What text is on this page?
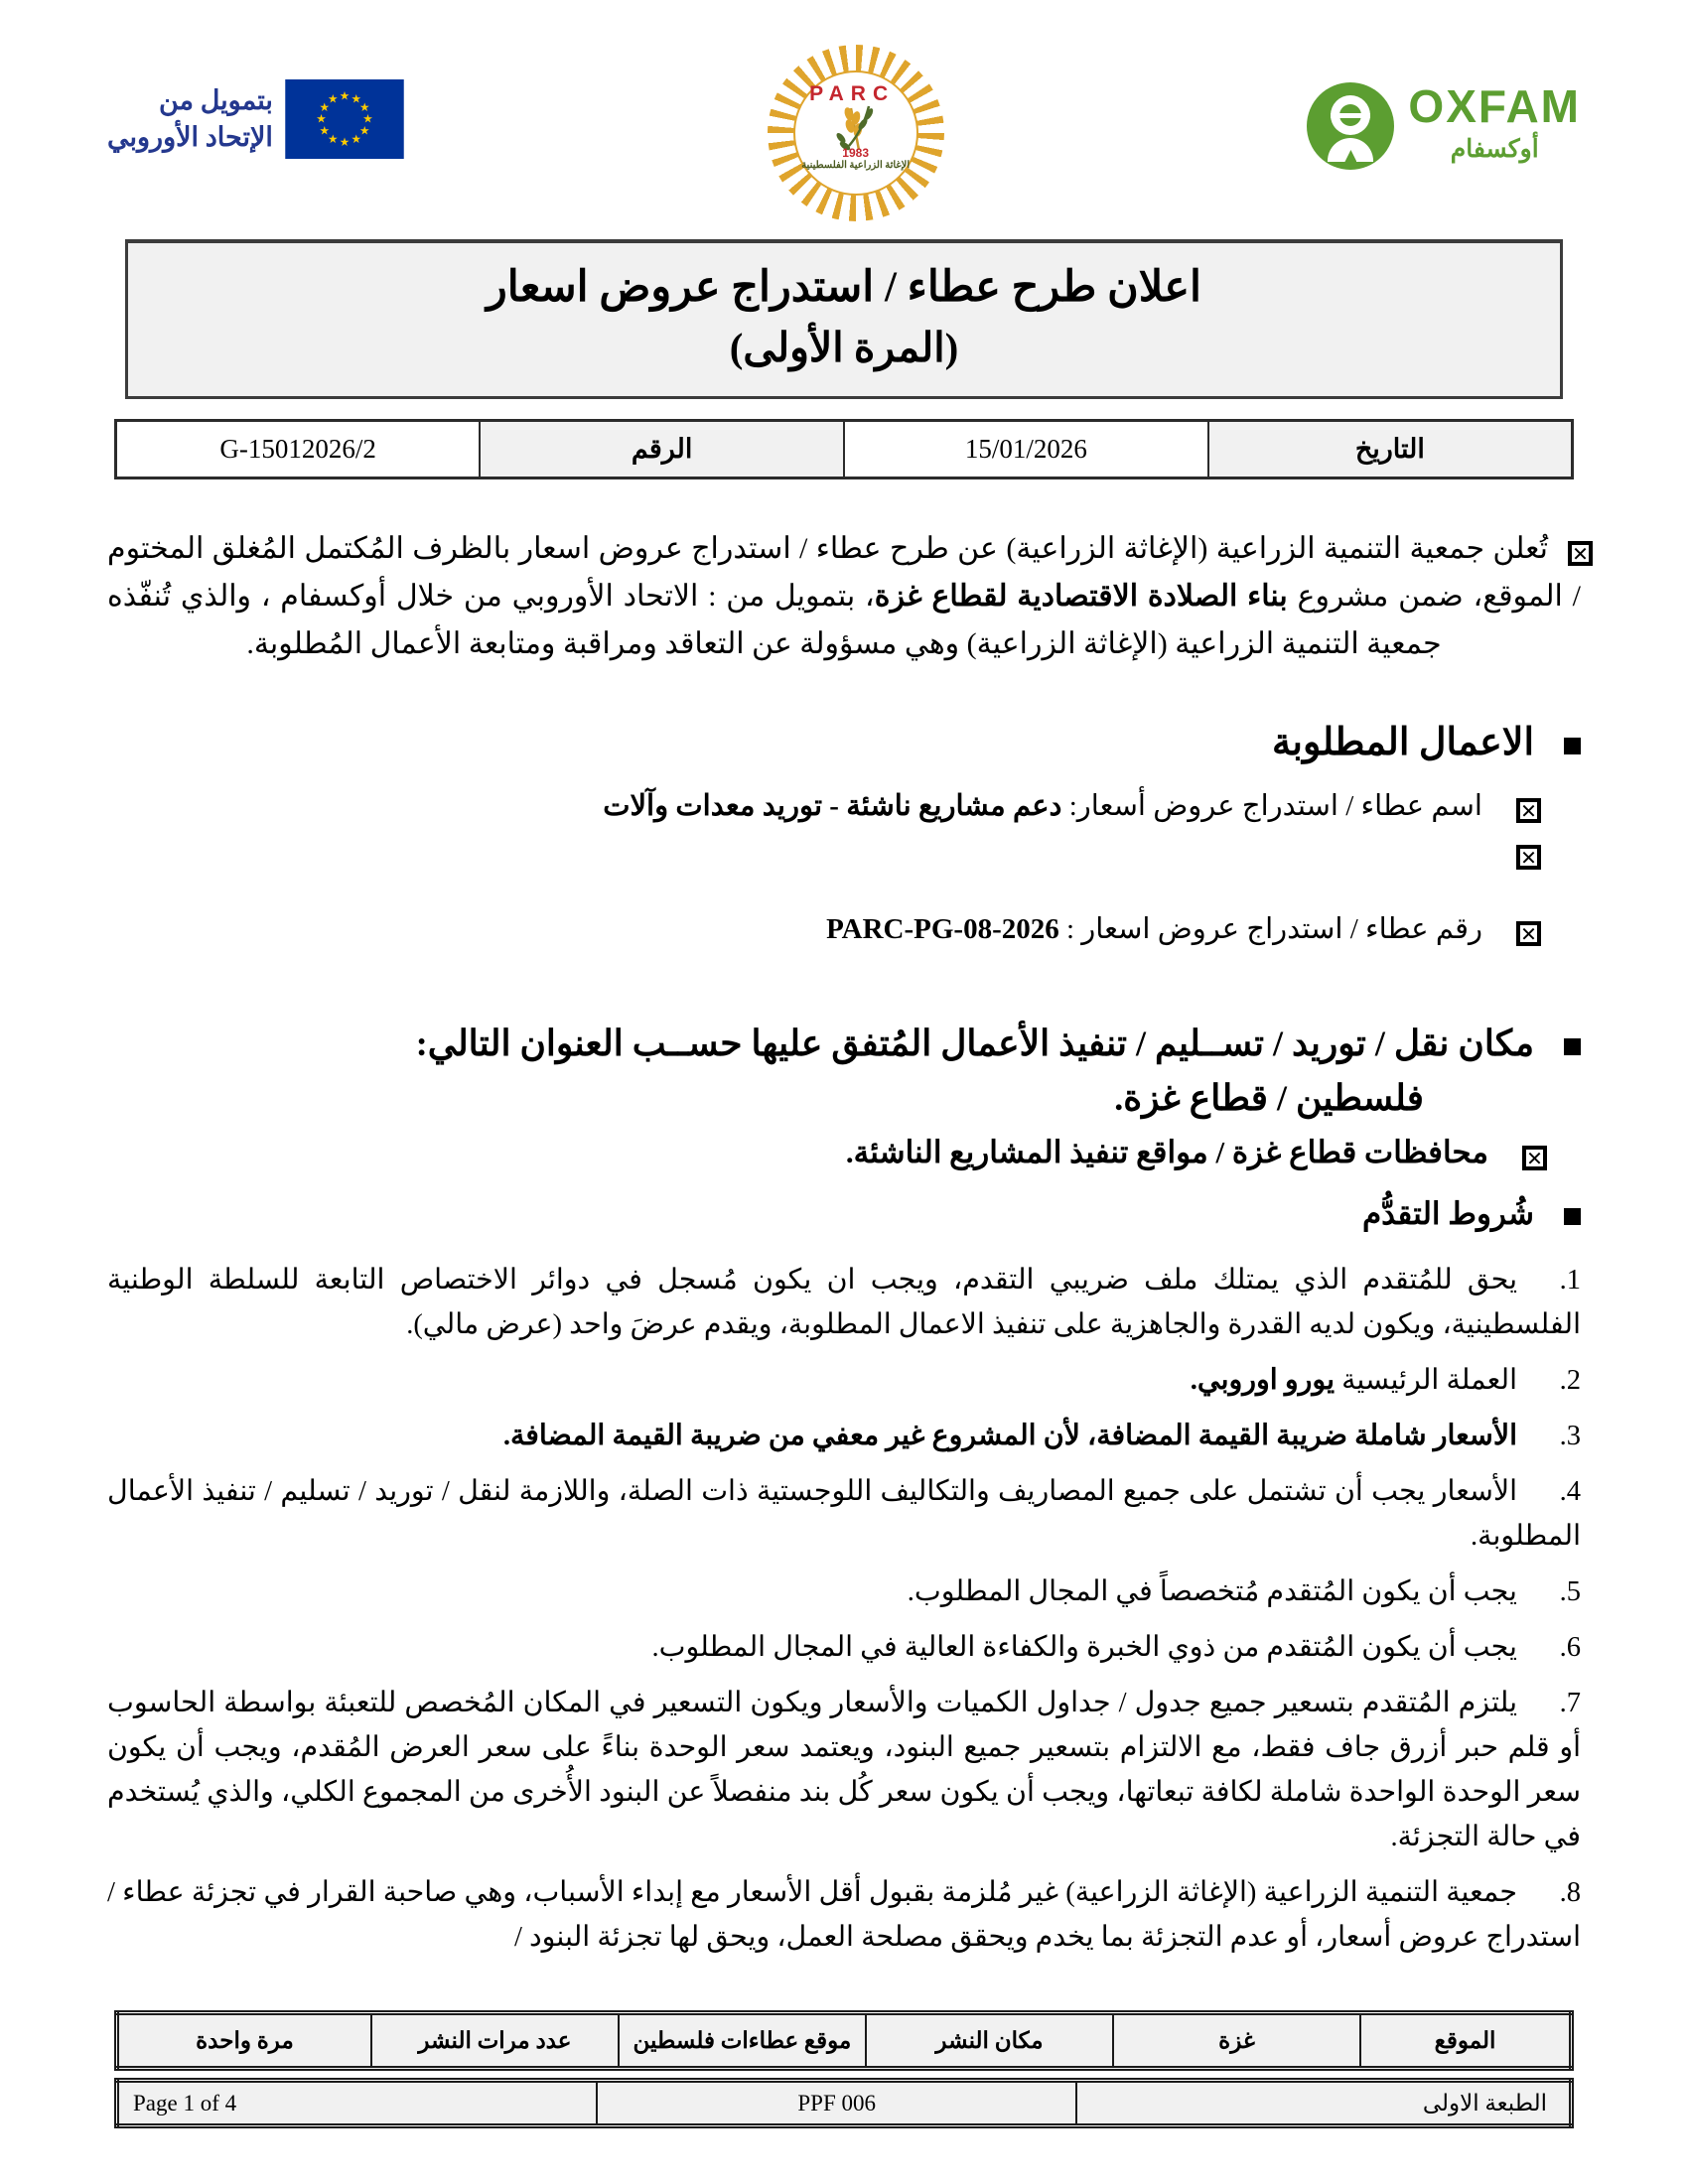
OXFAM
أوكسفام
PARC
1983
الإغاثة الزراعية الفلسطينية
بتمويل من
الإتحاد الأوروبي
★ ★
★
★
★
★
★
★
★
★
★
★
اعلان طرح عطاء / استدراج عروض اسعار
(المرة الأولى)
التاريخ	15/01/2026	الرقم	G-15012026/2
✕تُعلن جمعية التنمية الزراعية (الإغاثة الزراعية) عن طرح عطاء / استدراج عروض اسعار بالظرف المُكتمل المُغلق المختوم / الموقع، ضمن مشروع بناء الصلادة الاقتصادية لقطاع غزة، بتمويل من : الاتحاد الأوروبي من خلال أوكسفام ، والذي تُنفّذه جمعية التنمية الزراعية (الإغاثة الزراعية) وهي مسؤولة عن التعاقد ومراقبة ومتابعة الأعمال المُطلوبة.
الاعمال المطلوبة
✕اسم عطاء / استدراج عروض أسعار: دعم مشاريع ناشئة - توريد معدات وآلات
✕
✕رقم عطاء / استدراج عروض اسعار : PARC-PG-08-2026
مكان نقل / توريد / تســليم / تنفيذ الأعمال المُتفق عليها حســب العنوان التالي:
فلسطين / قطاع غزة.
✕محافظات قطاع غزة / مواقع تنفيذ المشاريع الناشئة.
شُروط التقدُّم
1.يحق للمُتقدم الذي يمتلك ملف ضريبي التقدم، ويجب ان يكون مُسجل في دوائر الاختصاص التابعة للسلطة الوطنية الفلسطينية، ويكون لديه القدرة والجاهزية على تنفيذ الاعمال المطلوبة، ويقدم عرضَ واحد (عرض مالي).
2.العملة الرئيسية يورو اوروبي.
3.الأسعار شاملة ضريبة القيمة المضافة، لأن المشروع غير معفي من ضريبة القيمة المضافة.
4.الأسعار يجب أن تشتمل على جميع المصاريف والتكاليف اللوجستية ذات الصلة، واللازمة لنقل / توريد / تسليم / تنفيذ الأعمال المطلوبة.
5.يجب أن يكون المُتقدم مُتخصصاً في المجال المطلوب.
6.يجب أن يكون المُتقدم من ذوي الخبرة والكفاءة العالية في المجال المطلوب.
7.يلتزم المُتقدم بتسعير جميع جدول / جداول الكميات والأسعار ويكون التسعير في المكان المُخصص للتعبئة بواسطة الحاسوب أو قلم حبر أزرق جاف فقط، مع الالتزام بتسعير جميع البنود، ويعتمد سعر الوحدة بناءً على سعر العرض المُقدم، ويجب أن يكون سعر الوحدة الواحدة شاملة لكافة تبعاتها، ويجب أن يكون سعر كُل بند منفصلاً عن البنود الأُخرى من المجموع الكلي، والذي يُستخدم في حالة التجزئة.
8.جمعية التنمية الزراعية (الإغاثة الزراعية) غير مُلزمة بقبول أقل الأسعار مع إبداء الأسباب، وهي صاحبة القرار في تجزئة عطاء / استدراج عروض أسعار، أو عدم التجزئة بما يخدم ويحقق مصلحة العمل، ويحق لها تجزئة البنود /
الموقع	غزة	مكان النشر	موقع عطاءات فلسطين	عدد مرات النشر	مرة واحدة
الطبعة الاولى	PPF 006	Page 1 of 4
